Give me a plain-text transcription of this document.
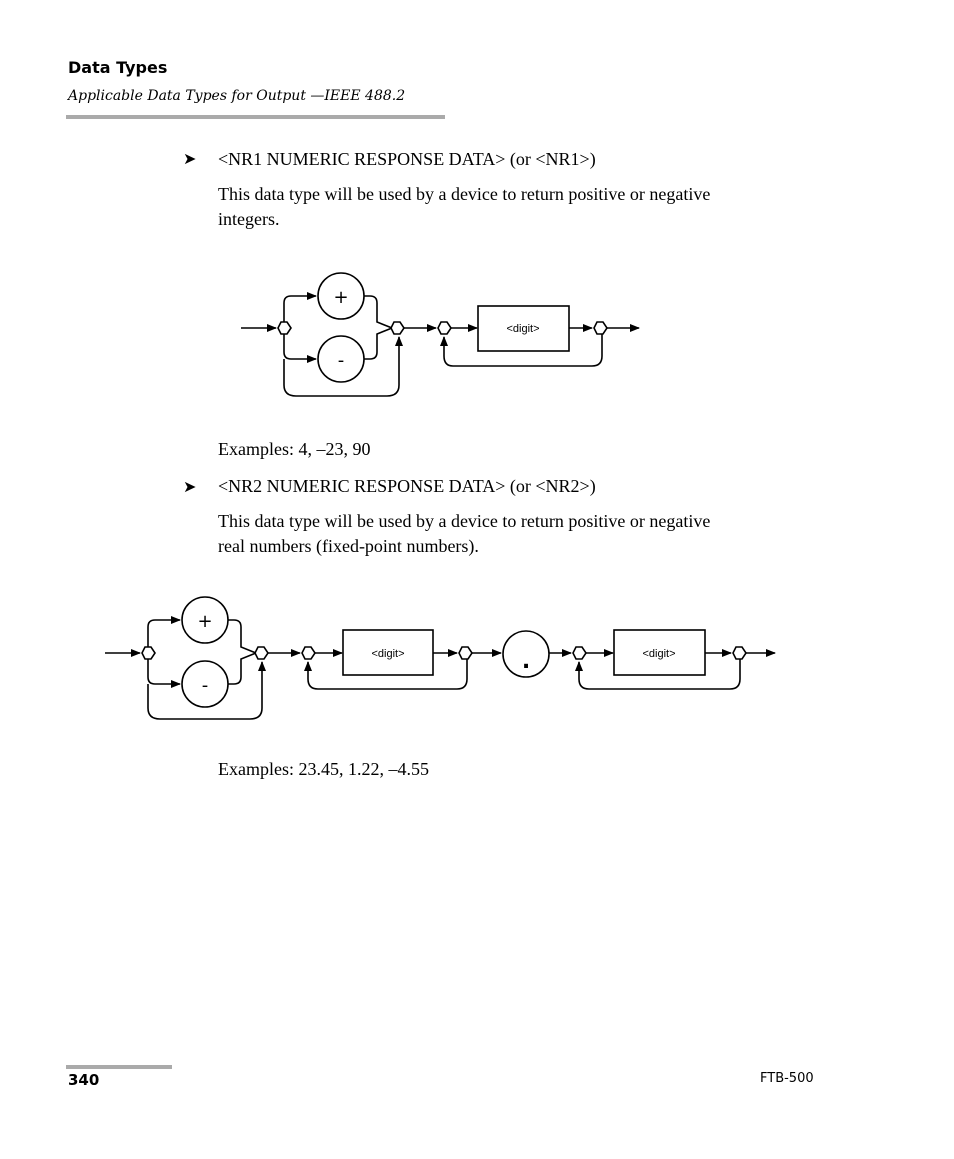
Data Types
Applicable Data Types for Output —IEEE 488.2
➤ <NR1 NUMERIC RESPONSE DATA> (or <NR1>)
This data type will be used by a device to return positive or negative
integers.
+
-
<digit>
Examples: 4, –23, 90
➤ <NR2 NUMERIC RESPONSE DATA> (or <NR2>)
This data type will be used by a device to return positive or negative
real numbers (fixed-point numbers).
+
-
<digit>	.	<digit>
Examples: 23.45, 1.22, –4.55
340	FTB-500
